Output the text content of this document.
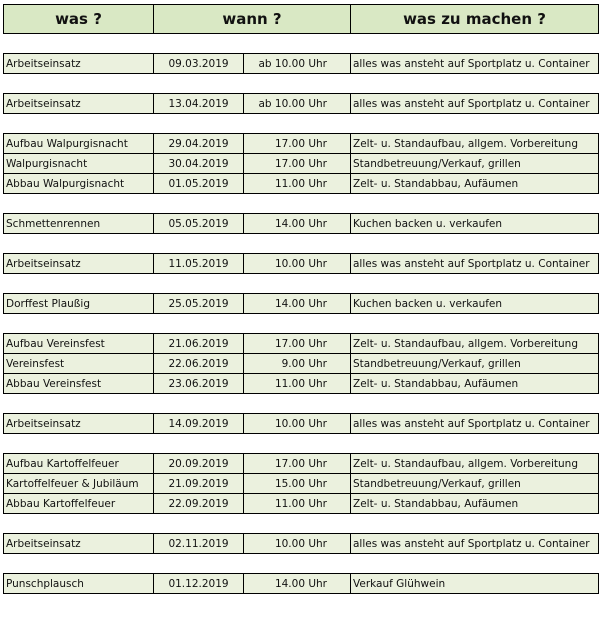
was ?	wann ?		was zu machen ?

Arbeitseinsatz	09.03.2019	ab 10.00 Uhr	alles was ansteht auf Sportplatz u. Container

Arbeitseinsatz	13.04.2019	ab 10.00 Uhr	alles was ansteht auf Sportplatz u. Container

Aufbau Walpurgisnacht	29.04.2019	17.00 Uhr	Zelt- u. Standaufbau, allgem. Vorbereitung
Walpurgisnacht	30.04.2019	17.00 Uhr	Standbetreuung/Verkauf, grillen
Abbau Walpurgisnacht	01.05.2019	11.00 Uhr	Zelt- u. Standabbau, Aufäumen

Schmettenrennen	05.05.2019	14.00 Uhr	Kuchen backen u. verkaufen

Arbeitseinsatz	11.05.2019	10.00 Uhr	alles was ansteht auf Sportplatz u. Container

Dorffest Plaußig	25.05.2019	14.00 Uhr	Kuchen backen u. verkaufen

Aufbau Vereinsfest	21.06.2019	17.00 Uhr	Zelt- u. Standaufbau, allgem. Vorbereitung
Vereinsfest	22.06.2019	9.00 Uhr	Standbetreuung/Verkauf, grillen
Abbau Vereinsfest	23.06.2019	11.00 Uhr	Zelt- u. Standabbau, Aufäumen

Arbeitseinsatz	14.09.2019	10.00 Uhr	alles was ansteht auf Sportplatz u. Container

Aufbau Kartoffelfeuer	20.09.2019	17.00 Uhr	Zelt- u. Standaufbau, allgem. Vorbereitung
Kartoffelfeuer & Jubiläum	21.09.2019	15.00 Uhr	Standbetreuung/Verkauf, grillen
Abbau Kartoffelfeuer	22.09.2019	11.00 Uhr	Zelt- u. Standabbau, Aufäumen

Arbeitseinsatz	02.11.2019	10.00 Uhr	alles was ansteht auf Sportplatz u. Container

Punschplausch	01.12.2019	14.00 Uhr	Verkauf Glühwein
